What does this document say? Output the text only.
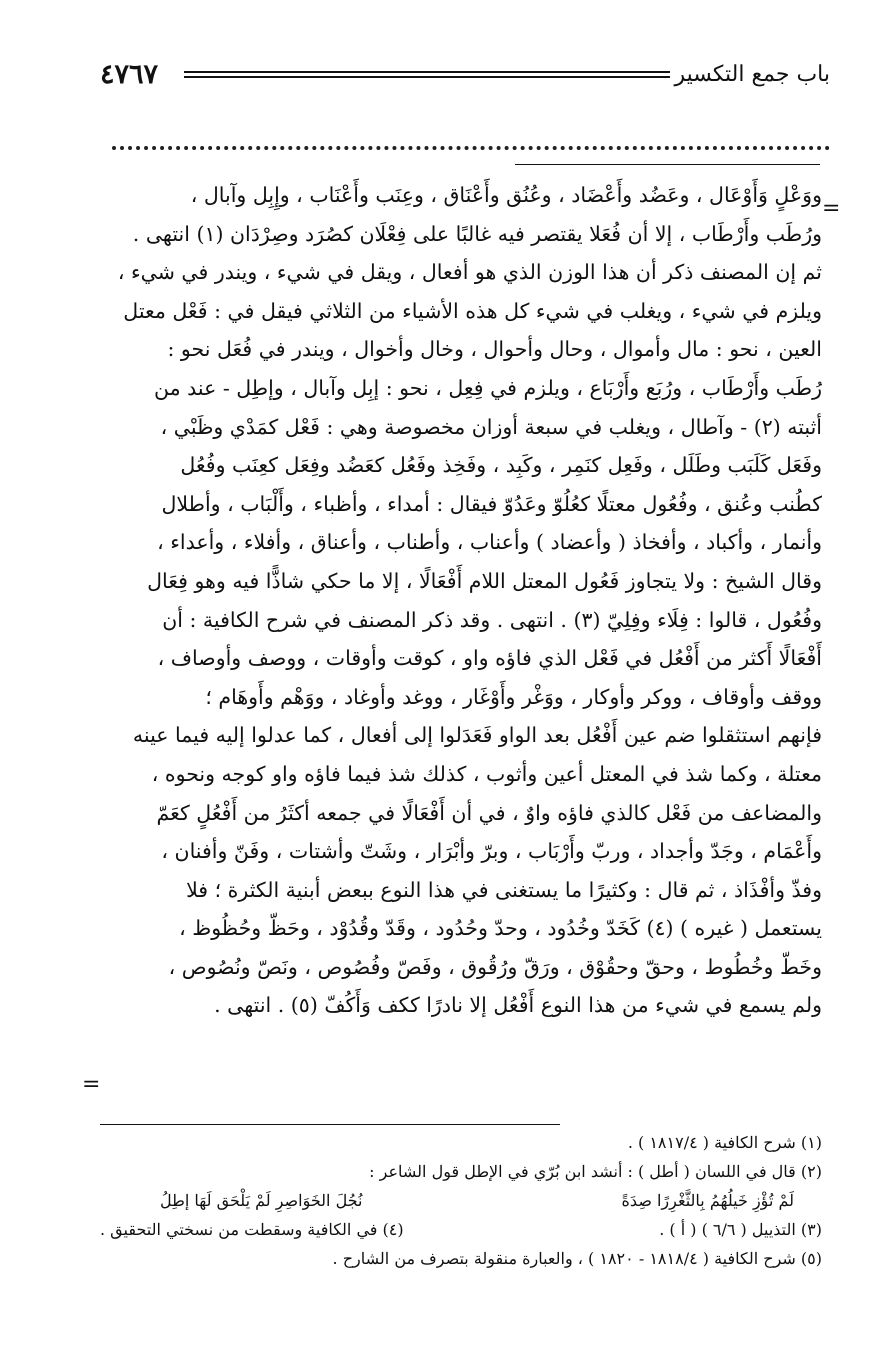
٤٧٦٧	باب جمع التكسير
=
ووَعْلٍ وَأَوْعَال ، وعَضُد وأَعْضَاد ، وعُنُق وأَعْنَاق ، وعِنَب وأَعْنَاب ، وإِبِل وآبال ،
ورُطَب وأَرْطَاب ، إلا أن فُعَلا يقتصر فيه غالبًا على فِعْلَان كصُرَد وصِرْدَان (١) انتهى .
ثم إن المصنف ذكر أن هذا الوزن الذي هو أفعال ، ويقل في شيء ، ويندر في شيء ،
ويلزم في شيء ، ويغلب في شيء كل هذه الأشياء من الثلاثي فيقل في : فَعْل معتل
العين ، نحو : مال وأموال ، وحال وأحوال ، وخال وأخوال ، ويندر في فُعَل نحو :
رُطَب وأَرْطَاب ، ورُبَع وأَرْبَاع ، ويلزم في فِعِل ، نحو : إبِل وآبال ، وإطِل - عند من
أثبته (٢) - وآطال ، ويغلب في سبعة أوزان مخصوصة وهي : فَعْل كمَدْي وظَبْي ،
وفَعَل كَلَبَب وطَلَل ، وفَعِل كنَمِر ، وكَبِد ، وفَخِذ وفَعُل كعَضُد وفِعَل كعِنَب وفُعُل
كطُنب وعُنق ، وفُعُول معتلًا كعُلُوّ وعَدُوّ فيقال : أمداء ، وأظباء ، وأَلْبَاب ، وأطلال
وأنمار ، وأكباد ، وأفخاذ ( وأعضاد ) وأعناب ، وأطناب ، وأعناق ، وأفلاء ، وأعداء ،
وقال الشيخ : ولا يتجاوز فَعُول المعتل اللام أَفْعَالًا ، إلا ما حكي شاذًّا فيه وهو فِعَال
وفُعُول ، قالوا : فِلَاء وفِلِيّ (٣) . انتهى . وقد ذكر المصنف في شرح الكافية : أن
أَفْعَالًا أَكثر من أَفْعُل في فَعْل الذي فاؤه واو ، كوقت وأوقات ، ووصف وأوصاف ،
ووقف وأوقاف ، ووكر وأوكار ، ووَغْر وأَوْغَار ، ووغد وأوغاد ، ووَهْم وأَوهَام ؛
فإنهم استثقلوا ضم عين أَفْعُل بعد الواو فَعَدَلوا إلى أفعال ، كما عدلوا إليه فيما عينه
معتلة ، وكما شذ في المعتل أعين وأثوب ، كذلك شذ فيما فاؤه واو كوجه ونحوه ،
والمضاعف من فَعْل كالذي فاؤه واوٌ ، في أن أَفْعَالًا في جمعه أكثَرُ من أَفْعُلٍ كعَمّ
وأَعْمَام ، وجَدّ وأجداد ، وربّ وأَرْبَاب ، وبرّ وأبْرَار ، وشَتّ وأشتات ، وفَنّ وأفنان ،
وفذّ وأفْذَاذ ، ثم قال : وكثيرًا ما يستغنى في هذا النوع ببعض أبنية الكثرة ؛ فلا
يستعمل ( غيره ) (٤) كَخَدّ وخُدُود ، وحدّ وحُدُود ، وقَدّ وقُدُوْد ، وحَظّ وحُظُوظ ،
وخَطّ وخُطُوط ، وحقّ وحقُوْق ، ورَقّ ورُقُوق ، وفَصّ وفُصُوص ، ونَصّ ونُصُوص ،
ولم يسمع في شيء من هذا النوع أَفْعُل إلا نادرًا ككف وَأَكُفّ (٥) . انتهى .
=
(١) شرح الكافية ( ١٨١٧/٤ ) .
(٢) قال في اللسان ( أطل ) : أنشد ابن بُرّي في الإطل قول الشاعر :
لَمْ تُؤْزِ خَيلُهُمُ بِالثَّغْرِرًا صِدَةً
نُجُلَ الخَوَاصِرِ لَمْ يَلْحَق لَهَا إطِلُ
(٣) التذييل ( ٦/٦ ) ( أ ) .
(٤) في الكافية وسقطت من نسختي التحقيق .
(٥) شرح الكافية ( ١٨١٨/٤ - ١٨٢٠ ) ، والعبارة منقولة بتصرف من الشارح .
